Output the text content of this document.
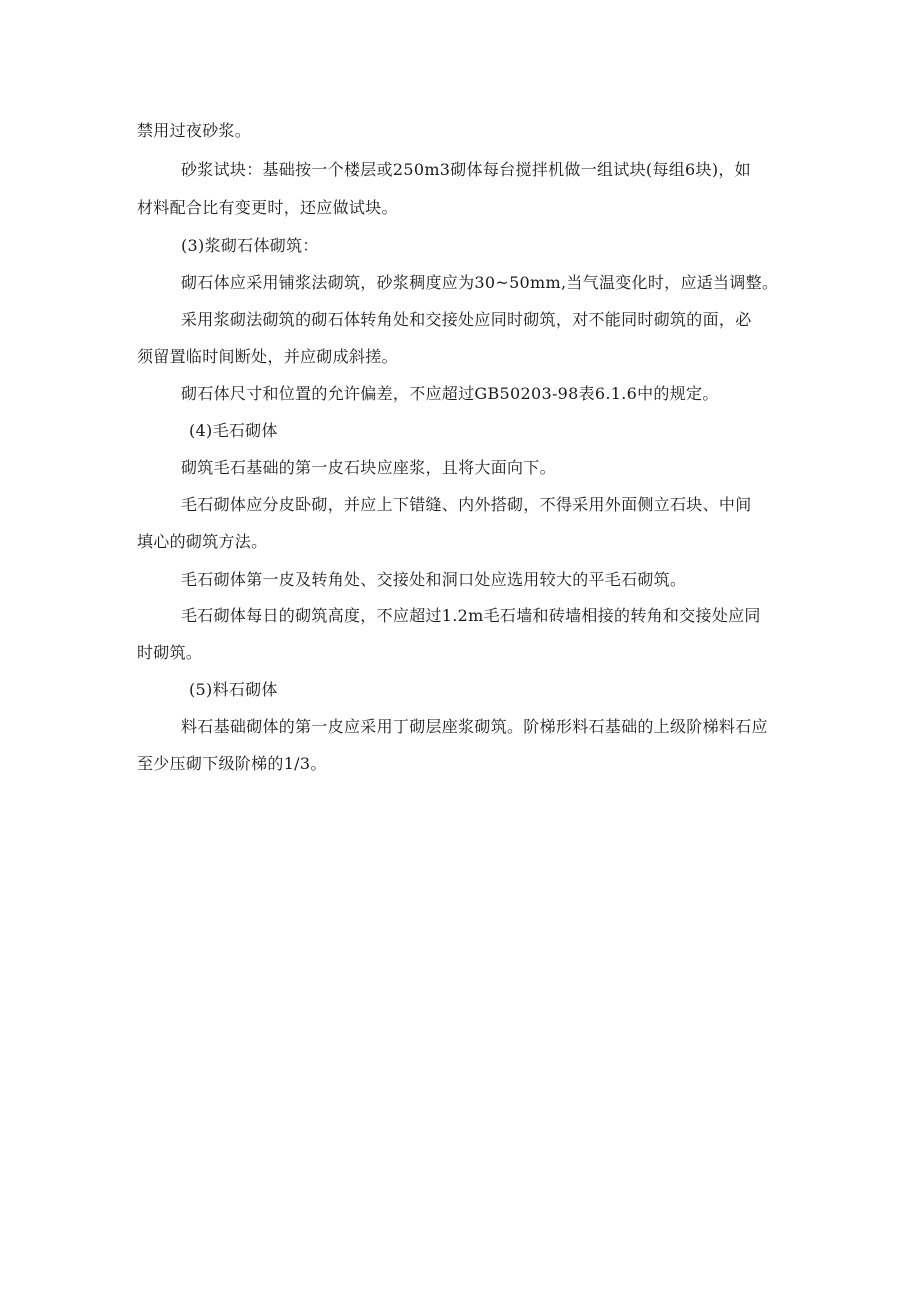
禁用过夜砂浆。
砂浆试块：基础按一个楼层或250m3砌体每台搅拌机做一组试块(每组6块)，如
材料配合比有变更时，还应做试块。
(3)浆砌石体砌筑：
砌石体应采用铺浆法砌筑，砂浆稠度应为30~50mm,当气温变化时，应适当调整。
采用浆砌法砌筑的砌石体转角处和交接处应同时砌筑，对不能同时砌筑的面，必
须留置临时间断处，并应砌成斜搓。
砌石体尺寸和位置的允许偏差，不应超过GB50203-98表6.1.6中的规定。
(4)毛石砌体
砌筑毛石基础的第一皮石块应座浆，且将大面向下。
毛石砌体应分皮卧砌，并应上下错缝、内外搭砌，不得采用外面侧立石块、中间
填心的砌筑方法。
毛石砌体第一皮及转角处、交接处和洞口处应选用较大的平毛石砌筑。
毛石砌体每日的砌筑高度，不应超过1.2m毛石墙和砖墙相接的转角和交接处应同
时砌筑。
(5)料石砌体
料石基础砌体的第一皮应采用丁砌层座浆砌筑。阶梯形料石基础的上级阶梯料石应
至少压砌下级阶梯的1/3。
